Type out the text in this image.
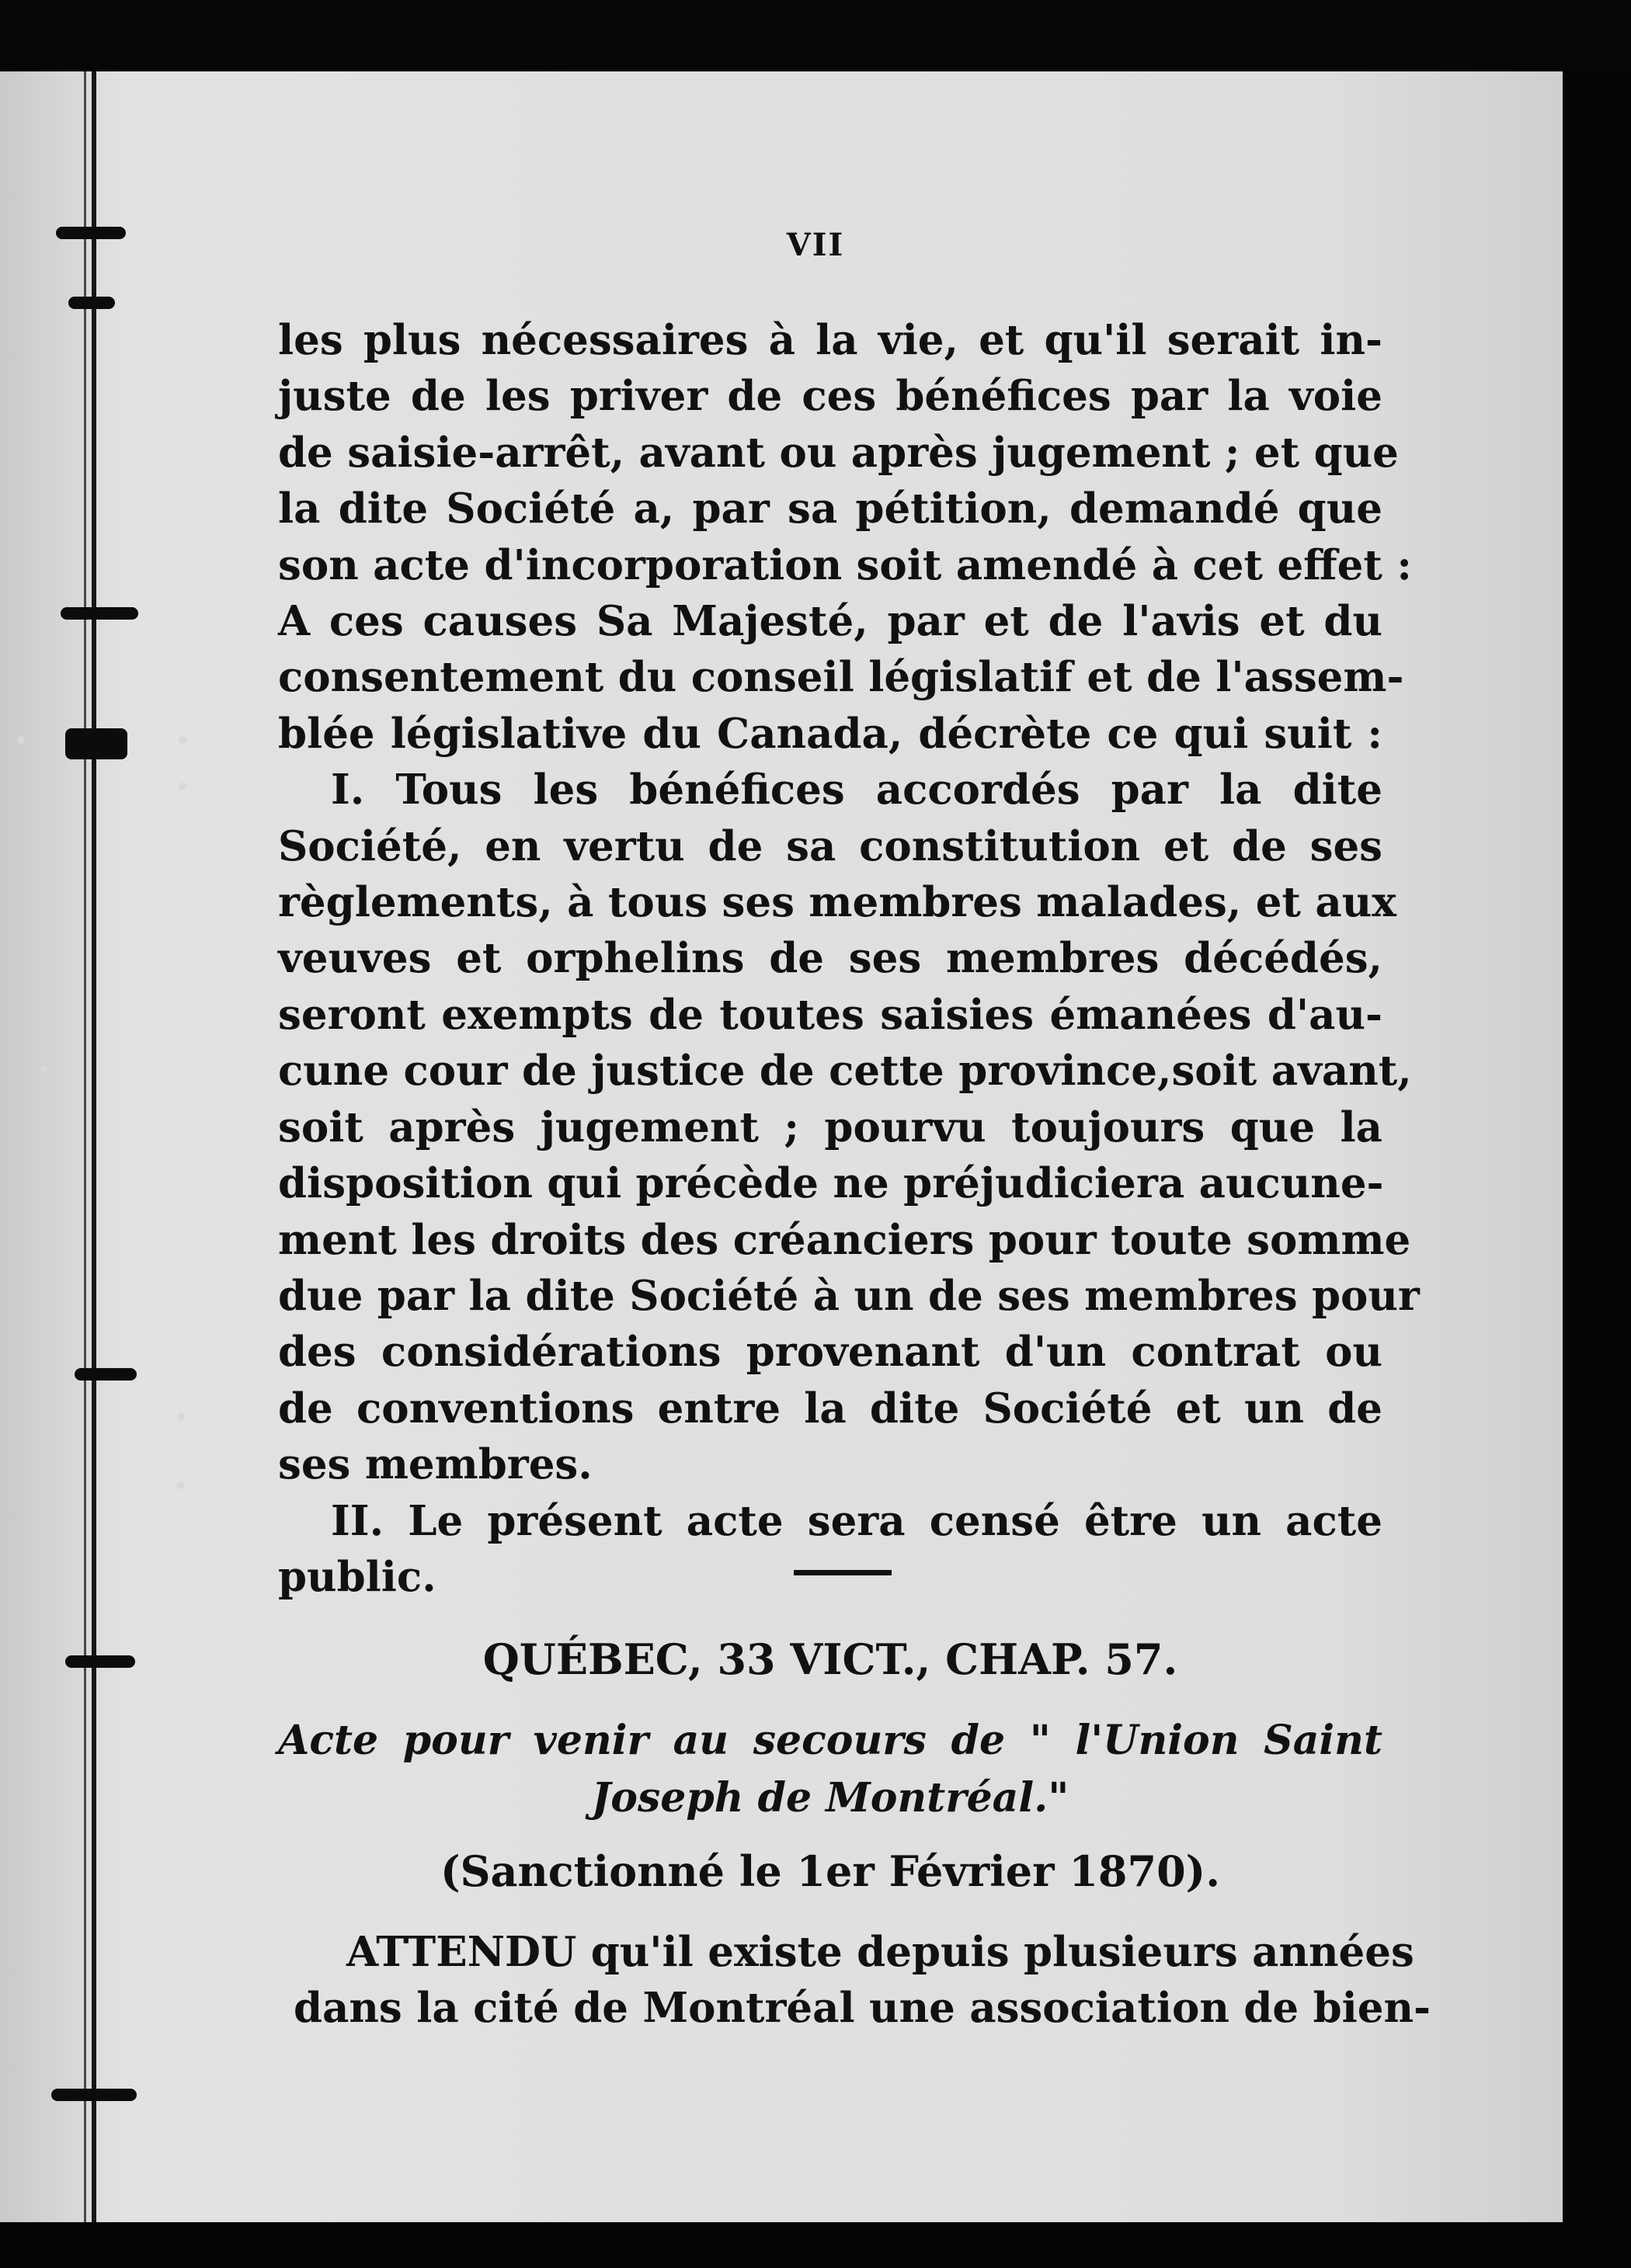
VII
les plus nécessaires à la vie, et qu'il serait in-
juste de les priver de ces bénéfices par la voie
de saisie-arrêt, avant ou après jugement ; et que
la dite Société a, par sa pétition, demandé que
son acte d'incorporation soit amendé à cet effet :
A ces causes Sa Majesté, par et de l'avis et du
consentement du conseil législatif et de l'assem-
blée législative du Canada, décrète ce qui suit :
I. Tous les bénéfices accordés par la dite
Société, en vertu de sa constitution et de ses
règlements, à tous ses membres malades, et aux
veuves et orphelins de ses membres décédés,
seront exempts de toutes saisies émanées d'au-
cune cour de justice de cette province,soit avant,
soit après jugement ; pourvu toujours que la
disposition qui précède ne préjudiciera aucune-
ment les droits des créanciers pour toute somme
due par la dite Société à un de ses membres pour
des considérations provenant d'un contrat ou
de conventions entre la dite Société et un de
ses membres.
II. Le présent acte sera censé être un acte
public.
QUÉBEC, 33 VICT., CHAP. 57.
Acte pour venir au secours de " l'Union Saint
Joseph de Montréal."
(Sanctionné le 1er Février 1870).
ATTENDU qu'il existe depuis plusieurs années
dans la cité de Montréal une association de bien-
